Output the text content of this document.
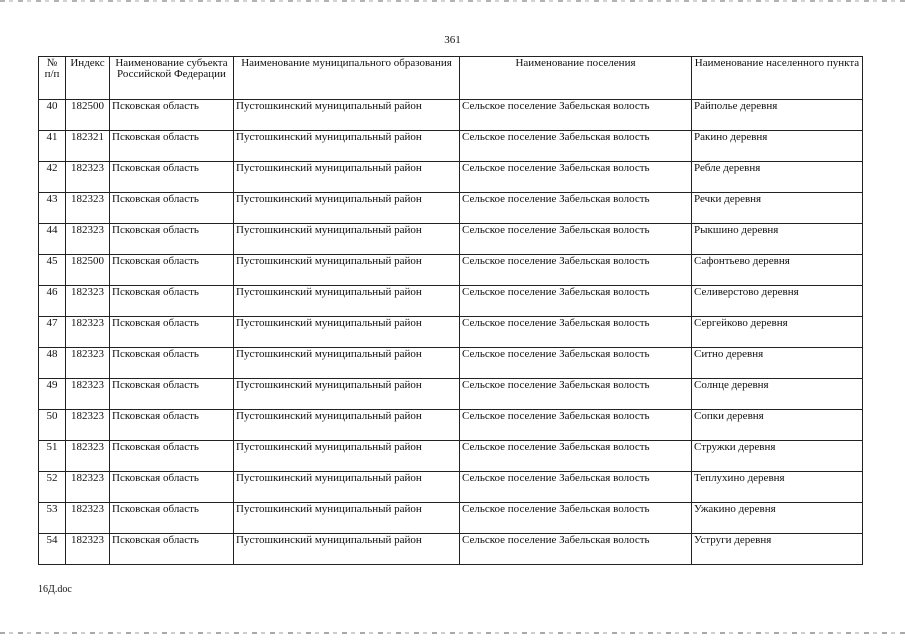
361
№ п/п	Индекс	Наименование субъекта Российской Федерации	Наименование муниципального образования	Наименование поселения	Наименование населенного пункта
40	182500	Псковская область	Пустошкинский муниципальный район	Сельское поселение Забельская волость	Райполье деревня
41	182321	Псковская область	Пустошкинский муниципальный район	Сельское поселение Забельская волость	Ракино деревня
42	182323	Псковская область	Пустошкинский муниципальный район	Сельское поселение Забельская волость	Ребле деревня
43	182323	Псковская область	Пустошкинский муниципальный район	Сельское поселение Забельская волость	Речки деревня
44	182323	Псковская область	Пустошкинский муниципальный район	Сельское поселение Забельская волость	Рыкшино деревня
45	182500	Псковская область	Пустошкинский муниципальный район	Сельское поселение Забельская волость	Сафонтьево деревня
46	182323	Псковская область	Пустошкинский муниципальный район	Сельское поселение Забельская волость	Селиверстово деревня
47	182323	Псковская область	Пустошкинский муниципальный район	Сельское поселение Забельская волость	Сергейково деревня
48	182323	Псковская область	Пустошкинский муниципальный район	Сельское поселение Забельская волость	Ситно деревня
49	182323	Псковская область	Пустошкинский муниципальный район	Сельское поселение Забельская волость	Солнце деревня
50	182323	Псковская область	Пустошкинский муниципальный район	Сельское поселение Забельская волость	Сопки деревня
51	182323	Псковская область	Пустошкинский муниципальный район	Сельское поселение Забельская волость	Стружки деревня
52	182323	Псковская область	Пустошкинский муниципальный район	Сельское поселение Забельская волость	Теплухино деревня
53	182323	Псковская область	Пустошкинский муниципальный район	Сельское поселение Забельская волость	Ужакино деревня
54	182323	Псковская область	Пустошкинский муниципальный район	Сельское поселение Забельская волость	Уструги деревня
16Д.doc
